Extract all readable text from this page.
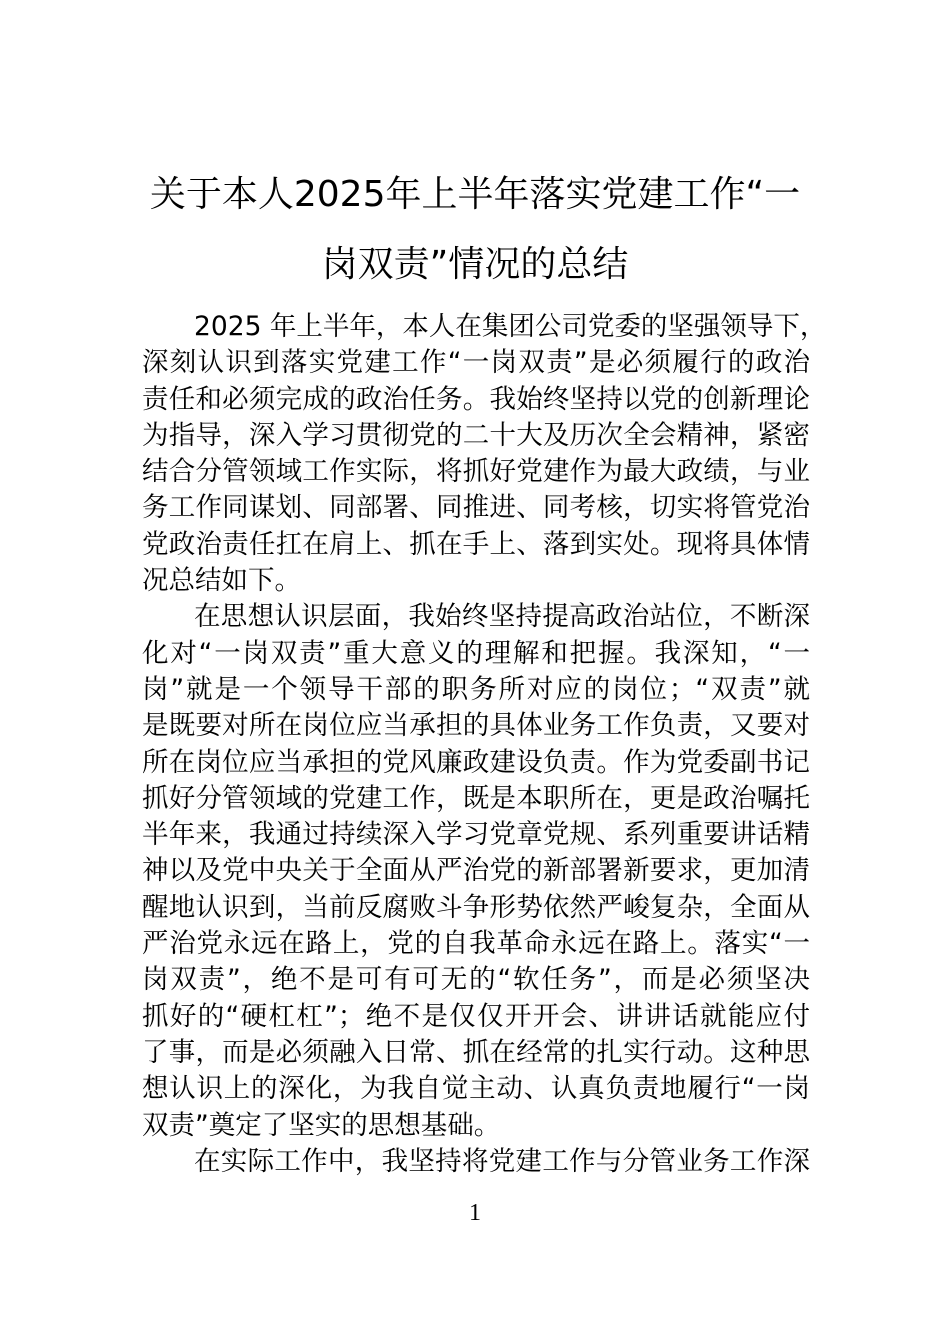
关于本人2025年上半年落实党建工作“一
岗双责”情况的总结
2025 年上半年，本人在集团公司党委的坚强领导下，
深刻认识到落实党建工作“一岗双责”是必须履行的政治
责任和必须完成的政治任务。我始终坚持以党的创新理论
为指导，深入学习贯彻党的二十大及历次全会精神，紧密
结合分管领域工作实际，将抓好党建作为最大政绩，与业
务工作同谋划、同部署、同推进、同考核，切实将管党治
党政治责任扛在肩上、抓在手上、落到实处。现将具体情
况总结如下。
在思想认识层面，我始终坚持提高政治站位，不断深
化对“一岗双责”重大意义的理解和把握。我深知，“一
岗”就是一个领导干部的职务所对应的岗位；“双责”就
是既要对所在岗位应当承担的具体业务工作负责，又要对
所在岗位应当承担的党风廉政建设负责。作为党委副书记
抓好分管领域的党建工作，既是本职所在，更是政治嘱托
半年来，我通过持续深入学习党章党规、系列重要讲话精
神以及党中央关于全面从严治党的新部署新要求，更加清
醒地认识到，当前反腐败斗争形势依然严峻复杂，全面从
严治党永远在路上，党的自我革命永远在路上。落实“一
岗双责”，绝不是可有可无的“软任务”，而是必须坚决
抓好的“硬杠杠”；绝不是仅仅开开会、讲讲话就能应付
了事，而是必须融入日常、抓在经常的扎实行动。这种思
想认识上的深化，为我自觉主动、认真负责地履行“一岗
双责”奠定了坚实的思想基础。
在实际工作中，我坚持将党建工作与分管业务工作深
1
